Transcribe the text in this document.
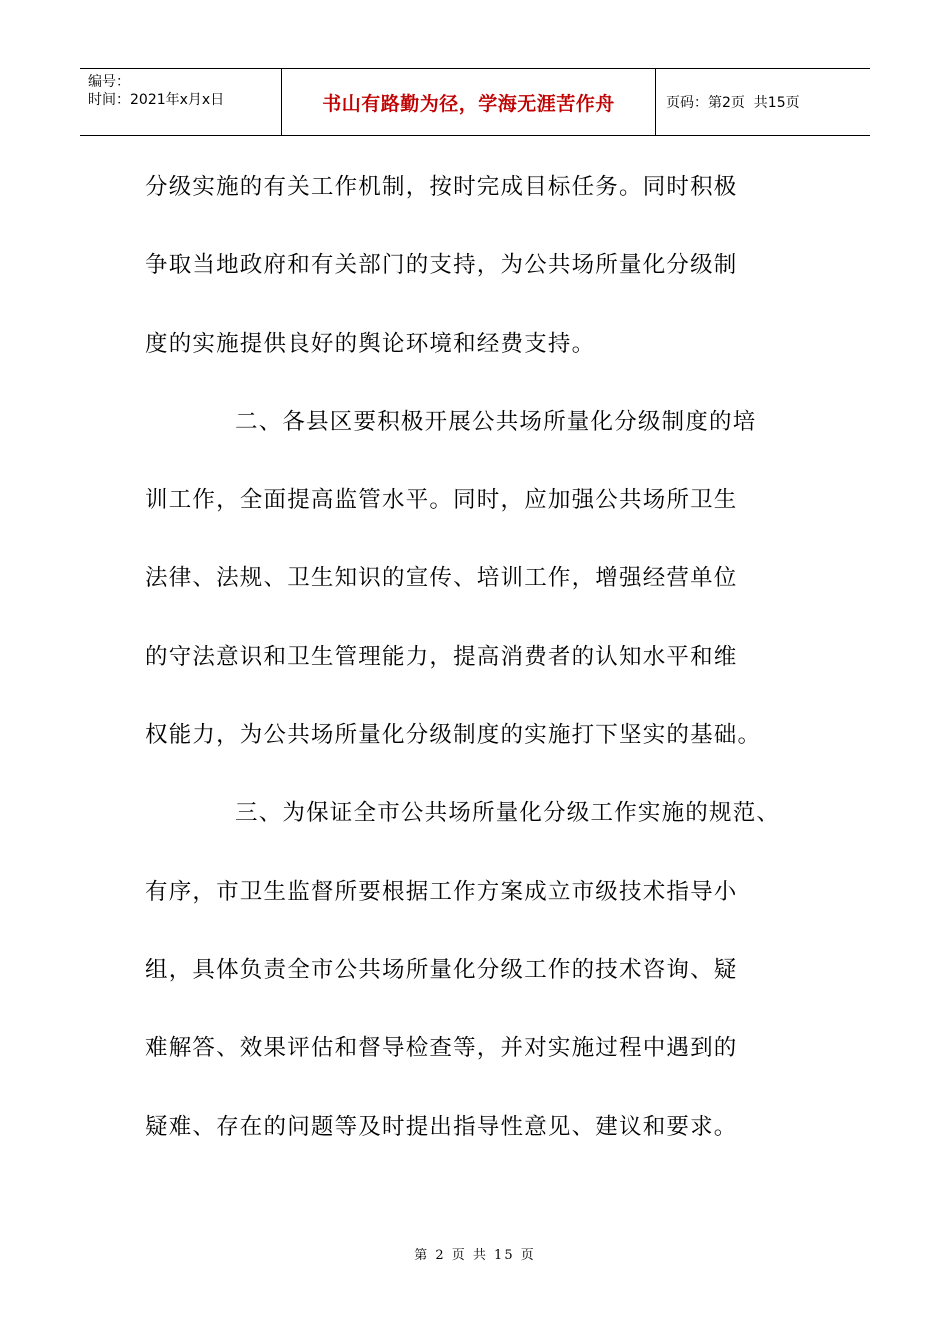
编号：
时间：2021年x月x日	书山有路勤为径，学海无涯苦作舟	页码：第2页  共15页
分级实施的有关工作机制，按时完成目标任务。同时积极
争取当地政府和有关部门的支持，为公共场所量化分级制
度的实施提供良好的舆论环境和经费支持。
二、各县区要积极开展公共场所量化分级制度的培
训工作，全面提高监管水平。同时，应加强公共场所卫生
法律、法规、卫生知识的宣传、培训工作，增强经营单位
的守法意识和卫生管理能力，提高消费者的认知水平和维
权能力，为公共场所量化分级制度的实施打下坚实的基础。
三、为保证全市公共场所量化分级工作实施的规范、
有序，市卫生监督所要根据工作方案成立市级技术指导小
组，具体负责全市公共场所量化分级工作的技术咨询、疑
难解答、效果评估和督导检查等，并对实施过程中遇到的
疑难、存在的问题等及时提出指导性意见、建议和要求。
第 2 页 共 15 页
